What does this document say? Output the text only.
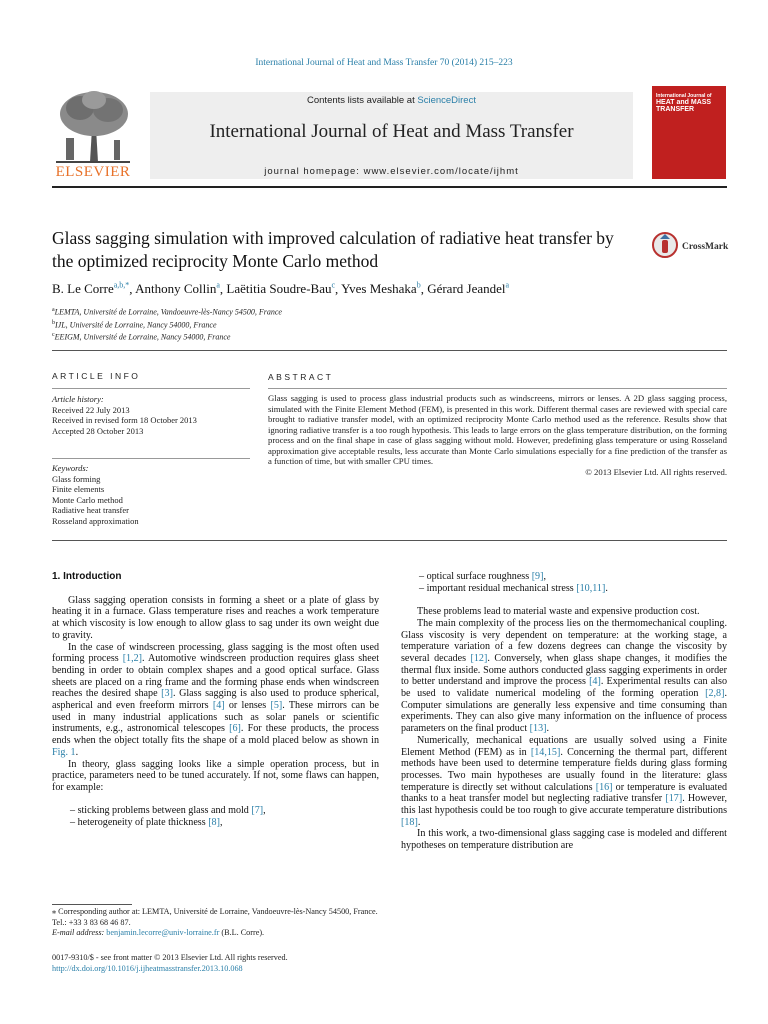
International Journal of Heat and Mass Transfer 70 (2014) 215–223
ELSEVIER
Contents lists available at ScienceDirect
International Journal of Heat and Mass Transfer
journal homepage: www.elsevier.com/locate/ijhmt
International Journal of
HEAT and MASS TRANSFER
Glass sagging simulation with improved calculation of radiative heat transfer by the optimized reciprocity Monte Carlo method
CrossMark
B. Le Corre$^{a,b,*}$, Anthony Collin$^a$, Laëtitia Soudre-Bau$^c$, Yves Meshaka$^b$, Gérard Jeandel$^a$
$^a$LEMTA, Université de Lorraine, Vandoeuvre-lès-Nancy 54500, France
$^b$IJL, Université de Lorraine, Nancy 54000, France
$^c$EEIGM, Université de Lorraine, Nancy 54000, France
ARTICLE INFO
Article history:
Received 22 July 2013
Received in revised form 18 October 2013
Accepted 28 October 2013
Keywords:
Glass forming
Finite elements
Monte Carlo method
Radiative heat transfer
Rosseland approximation
ABSTRACT
Glass sagging is used to process glass industrial products such as windscreens, mirrors or lenses. A 2D glass sagging process, simulated with the Finite Element Method (FEM), is presented in this work. Different thermal cases are reviewed with special care brought to radiative transfer model, with an optimized reciprocity Monte Carlo method used as the reference. Results show that ignoring radiative transfer is a too rough hypothesis. This leads to large errors on the glass temperature distribution, on the forming process and on the final shape in case of glass sagging without mold. However, predefining glass temperature or using Rosseland approximation give acceptable results, less accurate than Monte Carlo simulations especially for a fine prediction of the transfer as a function of time, but with smaller CPU times.
© 2013 Elsevier Ltd. All rights reserved.
1. Introduction

Glass sagging operation consists in forming a sheet or a plate of glass by heating it in a furnace. Glass temperature rises and reaches a work temperature at which viscosity is low enough to allow glass to sag under its own weight due to gravity.

In the case of windscreen processing, glass sagging is the most often used forming process [1,2]. Automotive windscreen production requires glass sheet bending in order to obtain complex shapes and a good optical surface. Glass sheets are placed on a ring frame and the forming phase ends when windscreen reaches the desired shape [3]. Glass sagging is also used to produce spherical, aspherical and even freeform mirrors [4] or lenses [5]. These mirrors can be used in many industrial applications such as solar panels or scientific instruments, e.g., astronomical telescopes [6]. For these products, the process ends when the object totally fits the shape of a mold placed below as shown in Fig. 1.

In theory, glass sagging looks like a simple operation process, but in practice, parameters need to be tuned accurately. If not, some flaws can happen, for example:

– sticking problems between glass and mold [7],

– heterogeneity of plate thickness [8],

– optical surface roughness [9],

– important residual mechanical stress [10,11].

These problems lead to material waste and expensive production cost.

The main complexity of the process lies on the thermomechanical coupling. Glass viscosity is very dependent on temperature: at the working stage, a temperature variation of a few dozens degrees can change the viscosity by several decades [12]. Conversely, when glass shape changes, it modifies the thermal flux inside. Some authors conducted glass sagging experiments in order to better understand and improve the process [4]. Experimental results can also be used to validate numerical modeling of the forming operation [2,8]. Computer simulations are generally less expensive and time consuming than experiments. They can also give many information on the influence of process parameters on the final product [13].

Numerically, mechanical equations are usually solved using a Finite Element Method (FEM) as in [14,15]. Concerning the thermal part, different methods have been used to determine temperature fields during glass forming processes. Two main hypotheses are usually found in the literature: glass temperature is directly set without calculations [16] or temperature is evaluated thanks to a heat transfer model but neglecting radiative transfer [17]. However, this last hypothesis could be too rough to give accurate temperature distributions [18].

In this work, a two-dimensional glass sagging case is modeled and different hypotheses on temperature distribution are

⁎ Corresponding author at: LEMTA, Université de Lorraine, Vandoeuvre-lès-Nancy 54500, France. Tel.: +33 3 83 68 46 87.
E-mail address: benjamin.lecorre@univ-lorraine.fr (B.L. Corre).
0017-9310/$ - see front matter © 2013 Elsevier Ltd. All rights reserved.
http://dx.doi.org/10.1016/j.ijheatmasstransfer.2013.10.068
